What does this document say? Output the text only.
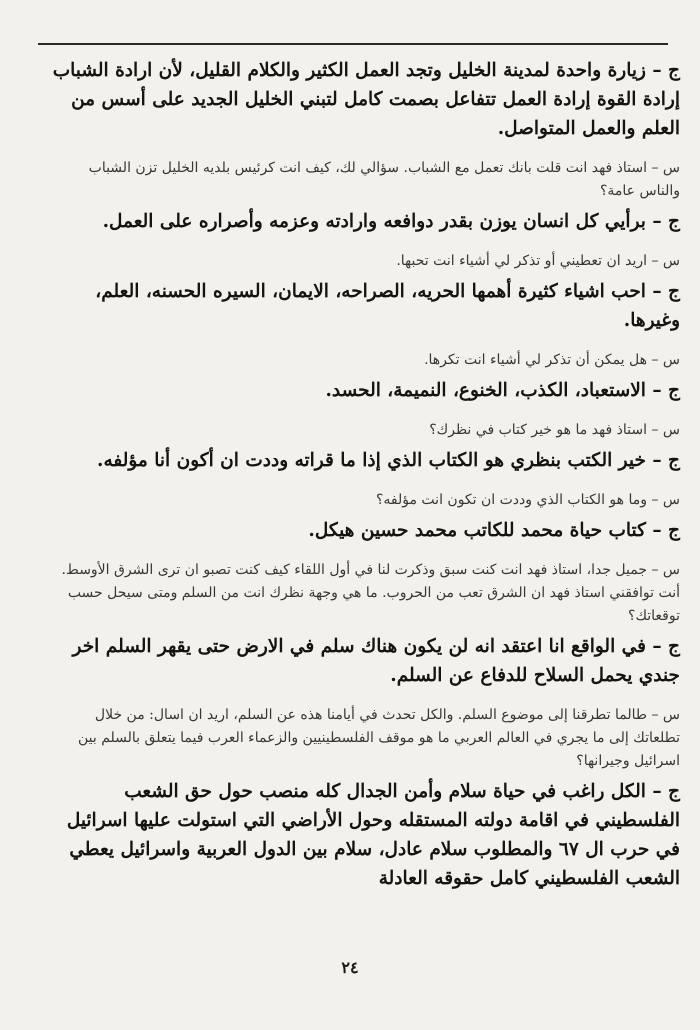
ج – زيارة واحدة لمدينة الخليل وتجد العمل الكثير والكلام القليل، لأن ارادة الشباب إرادة القوة إرادة العمل تتفاعل بصمت كامل لتبني الخليل الجديد على أسس من العلم والعمل المتواصل.

س – استاذ فهد انت قلت بانك تعمل مع الشباب. سؤالي لك، كيف انت كرئيس بلديه الخليل تزن الشباب والناس عامة؟

ج – برأيي كل انسان يوزن بقدر دوافعه وارادته وعزمه وأصراره على العمل.

س – اريد ان تعطيني أو تذكر لي أشياء انت تحبها.

ج – احب اشياء كثيرة أهمها الحريه، الصراحه، الايمان، السيره الحسنه، العلم، وغيرها.

س – هل يمكن أن تذكر لي أشياء انت تكرها.

ج – الاستعباد، الكذب، الخنوع، النميمة، الحسد.

س – استاذ فهد ما هو خير كتاب في نظرك؟

ج – خير الكتب بنظري هو الكتاب الذي إذا ما قراته وددت ان أكون أنا مؤلفه.

س – وما هو الكتاب الذي وددت ان تكون انت مؤلفه؟

ج – كتاب حياة محمد للكاتب محمد حسين هيكل.

س – جميل جدا، استاذ فهد انت كنت سبق وذكرت لنا في أول اللقاء كيف كنت تصبو ان ترى الشرق الأوسط. أنت توافقني استاذ فهد ان الشرق تعب من الحروب. ما هي وجهة نظرك انت من السلم ومتى سيحل حسب توقعاتك؟

ج – في الواقع انا اعتقد انه لن يكون هناك سلم في الارض حتى يقهر السلم اخر جندي يحمل السلاح للدفاع عن السلم.

س – طالما تطرقنا إلى موضوع السلم. والكل تحدث في أيامنا هذه عن السلم، اريد ان اسال: من خلال تطلعاتك إلى ما يجري في العالم العربي ما هو موقف الفلسطينيين والزعماء العرب فيما يتعلق بالسلم بين اسرائيل وجيرانها؟

ج – الكل راغب في حياة سلام وأمن الجدال كله منصب حول حق الشعب الفلسطيني في اقامة دولته المستقله وحول الأراضي التي استولت عليها اسرائيل في حرب ال ٦٧ والمطلوب سلام عادل، سلام بين الدول العربية واسرائيل يعطي الشعب الفلسطيني كامل حقوقه العادلة

٢٤
